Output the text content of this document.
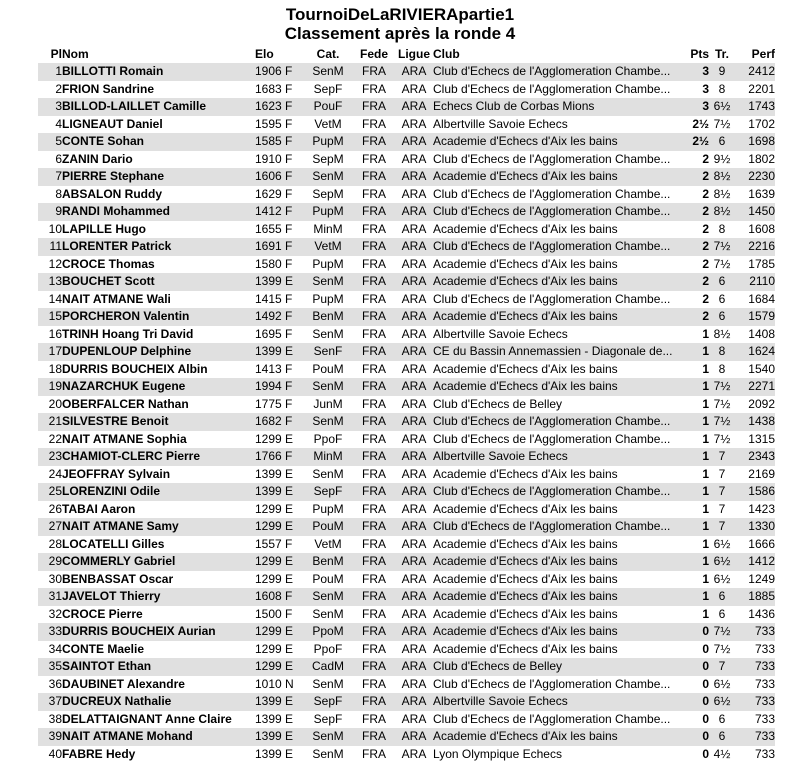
TournoiDeLaRIVIERApartie1
Classement après la ronde 4
Pl	Nom	Elo	Cat.	Fede	Ligue	Club	Pts	Tr.	Perf
1	BILLOTTI Romain	1906 F	SenM	FRA	ARA	Club d'Echecs de l'Agglomeration Chambe...	3	9	2412
2	FRION Sandrine	1683 F	SepF	FRA	ARA	Club d'Echecs de l'Agglomeration Chambe...	3	8	2201
3	BILLOD-LAILLET Camille	1623 F	PouF	FRA	ARA	Echecs Club de Corbas Mions	3	6½	1743
4	LIGNEAUT Daniel	1595 F	VetM	FRA	ARA	Albertville Savoie Echecs	2½	7½	1702
5	CONTE Sohan	1585 F	PupM	FRA	ARA	Academie d'Echecs d'Aix les bains	2½	6	1698
6	ZANIN Dario	1910 F	SepM	FRA	ARA	Club d'Echecs de l'Agglomeration Chambe...	2	9½	1802
7	PIERRE Stephane	1606 F	SenM	FRA	ARA	Academie d'Echecs d'Aix les bains	2	8½	2230
8	ABSALON Ruddy	1629 F	SepM	FRA	ARA	Club d'Echecs de l'Agglomeration Chambe...	2	8½	1639
9	RANDI Mohammed	1412 F	PupM	FRA	ARA	Club d'Echecs de l'Agglomeration Chambe...	2	8½	1450
10	LAPILLE Hugo	1655 F	MinM	FRA	ARA	Academie d'Echecs d'Aix les bains	2	8	1608
11	LORENTER Patrick	1691 F	VetM	FRA	ARA	Club d'Echecs de l'Agglomeration Chambe...	2	7½	2216
12	CROCE Thomas	1580 F	PupM	FRA	ARA	Academie d'Echecs d'Aix les bains	2	7½	1785
13	BOUCHET Scott	1399 E	SenM	FRA	ARA	Academie d'Echecs d'Aix les bains	2	6	2110
14	NAIT ATMANE Wali	1415 F	PupM	FRA	ARA	Club d'Echecs de l'Agglomeration Chambe...	2	6	1684
15	PORCHERON Valentin	1492 F	BenM	FRA	ARA	Academie d'Echecs d'Aix les bains	2	6	1579
16	TRINH Hoang Tri David	1695 F	SenM	FRA	ARA	Albertville Savoie Echecs	1	8½	1408
17	DUPENLOUP Delphine	1399 E	SenF	FRA	ARA	CE du Bassin Annemassien - Diagonale de...	1	8	1624
18	DURRIS BOUCHEIX Albin	1413 F	PouM	FRA	ARA	Academie d'Echecs d'Aix les bains	1	8	1540
19	NAZARCHUK Eugene	1994 F	SenM	FRA	ARA	Academie d'Echecs d'Aix les bains	1	7½	2271
20	OBERFALCER Nathan	1775 F	JunM	FRA	ARA	Club d'Echecs de Belley	1	7½	2092
21	SILVESTRE Benoit	1682 F	SenM	FRA	ARA	Club d'Echecs de l'Agglomeration Chambe...	1	7½	1438
22	NAIT ATMANE Sophia	1299 E	PpoF	FRA	ARA	Club d'Echecs de l'Agglomeration Chambe...	1	7½	1315
23	CHAMIOT-CLERC Pierre	1766 F	MinM	FRA	ARA	Albertville Savoie Echecs	1	7	2343
24	JEOFFRAY Sylvain	1399 E	SenM	FRA	ARA	Academie d'Echecs d'Aix les bains	1	7	2169
25	LORENZINI Odile	1399 E	SepF	FRA	ARA	Club d'Echecs de l'Agglomeration Chambe...	1	7	1586
26	TABAI Aaron	1299 E	PupM	FRA	ARA	Academie d'Echecs d'Aix les bains	1	7	1423
27	NAIT ATMANE Samy	1299 E	PouM	FRA	ARA	Club d'Echecs de l'Agglomeration Chambe...	1	7	1330
28	LOCATELLI Gilles	1557 F	VetM	FRA	ARA	Academie d'Echecs d'Aix les bains	1	6½	1666
29	COMMERLY Gabriel	1299 E	BenM	FRA	ARA	Academie d'Echecs d'Aix les bains	1	6½	1412
30	BENBASSAT Oscar	1299 E	PouM	FRA	ARA	Academie d'Echecs d'Aix les bains	1	6½	1249
31	JAVELOT Thierry	1608 F	SenM	FRA	ARA	Academie d'Echecs d'Aix les bains	1	6	1885
32	CROCE Pierre	1500 F	SenM	FRA	ARA	Academie d'Echecs d'Aix les bains	1	6	1436
33	DURRIS BOUCHEIX Aurian	1299 E	PpoM	FRA	ARA	Academie d'Echecs d'Aix les bains	0	7½	733
34	CONTE Maelie	1299 E	PpoF	FRA	ARA	Academie d'Echecs d'Aix les bains	0	7½	733
35	SAINTOT Ethan	1299 E	CadM	FRA	ARA	Club d'Echecs de Belley	0	7	733
36	DAUBINET Alexandre	1010 N	SenM	FRA	ARA	Club d'Echecs de l'Agglomeration Chambe...	0	6½	733
37	DUCREUX Nathalie	1399 E	SepF	FRA	ARA	Albertville Savoie Echecs	0	6½	733
38	DELATTAIGNANT Anne Claire	1399 E	SepF	FRA	ARA	Club d'Echecs de l'Agglomeration Chambe...	0	6	733
39	NAIT ATMANE Mohand	1399 E	SenM	FRA	ARA	Academie d'Echecs d'Aix les bains	0	6	733
40	FABRE Hedy	1399 E	SenM	FRA	ARA	Lyon Olympique Echecs	0	4½	733
